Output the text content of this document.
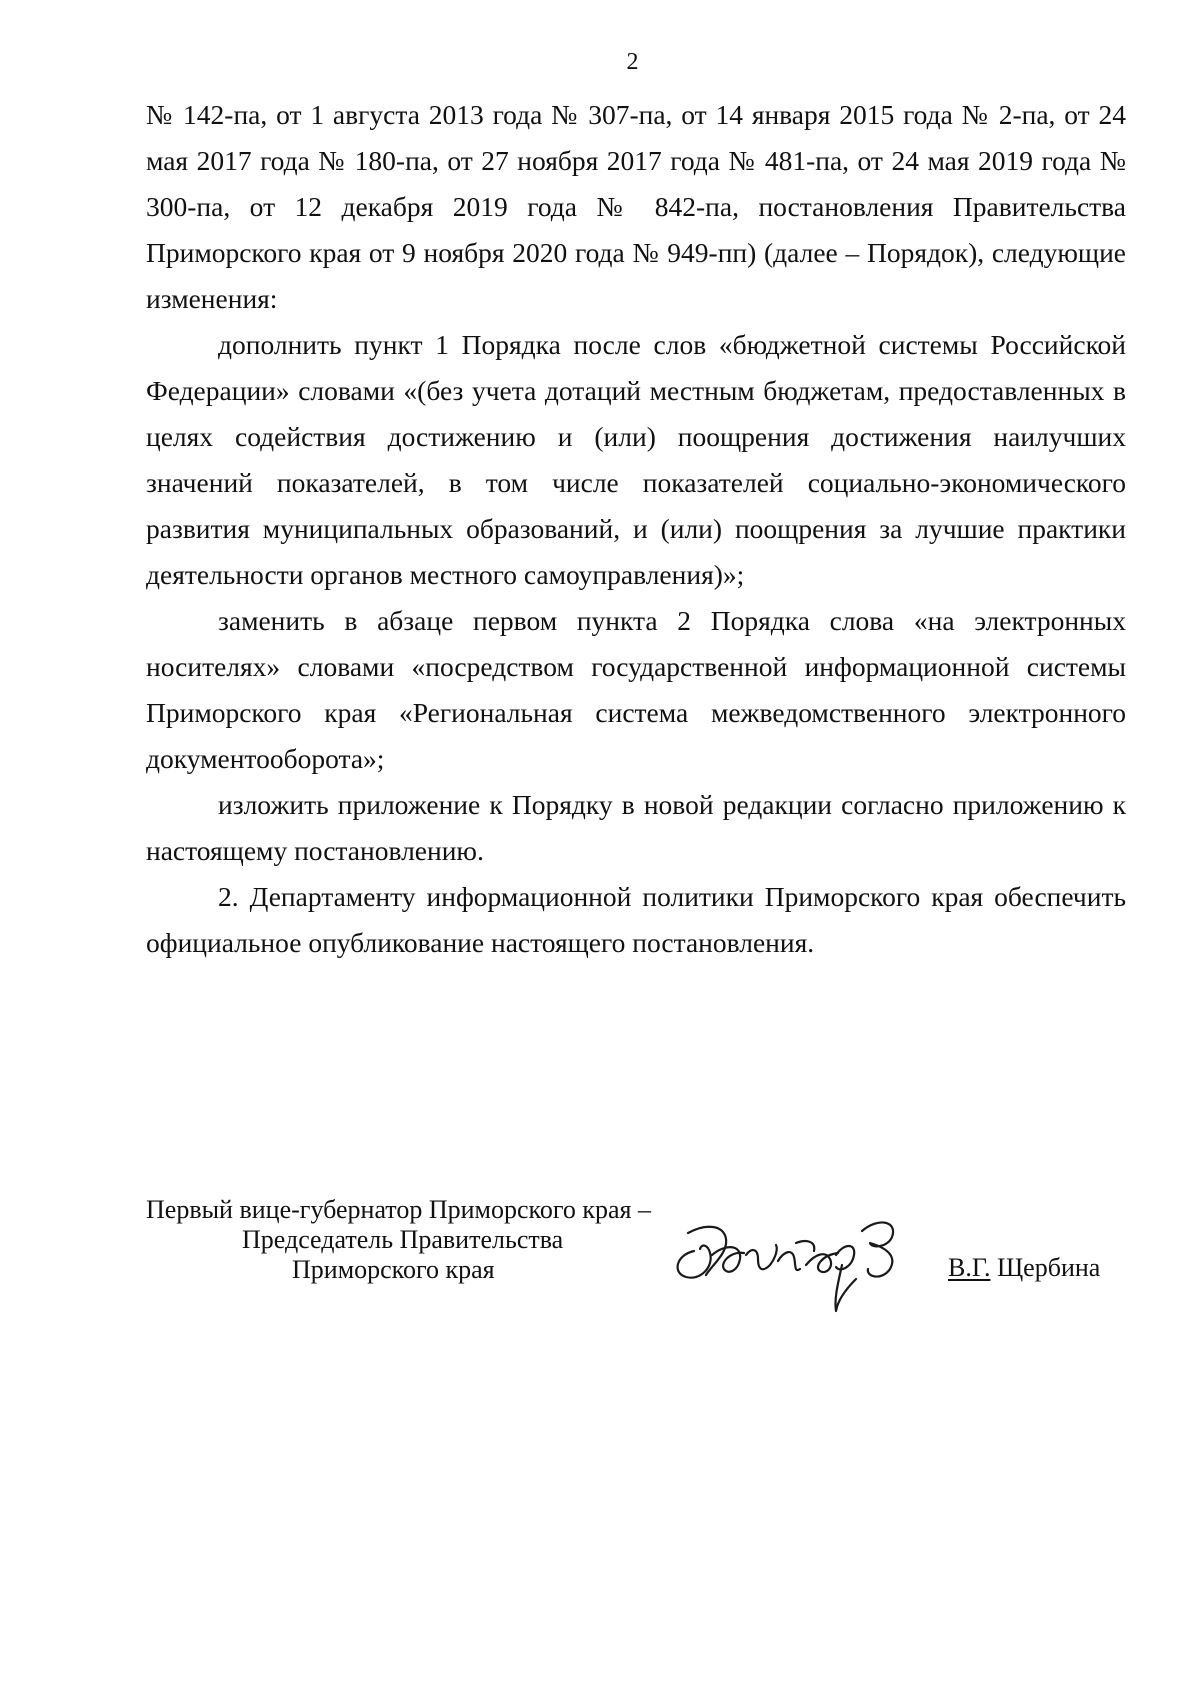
2

№ 142-па, от 1 августа 2013 года № 307-па, от 14 января 2015 года № 2-па, от 24 мая 2017 года № 180-па, от 27 ноября 2017 года № 481-па, от 24 мая 2019 года № 300-па, от 12 декабря 2019 года № 842-па, постановления Правительства Приморского края от 9 ноября 2020 года № 949-пп) (далее – Порядок), следующие изменения:

дополнить пункт 1 Порядка после слов «бюджетной системы Российской Федерации» словами «(без учета дотаций местным бюджетам, предоставленных в целях содействия достижению и (или) поощрения достижения наилучших значений показателей, в том числе показателей социально-экономического развития муниципальных образований, и (или) поощрения за лучшие практики деятельности органов местного самоуправления)»;

заменить в абзаце первом пункта 2 Порядка слова «на электронных носителях» словами «посредством государственной информационной системы Приморского края «Региональная система межведомственного электронного документооборота»;

изложить приложение к Порядку в новой редакции согласно приложению к настоящему постановлению.

2. Департаменту информационной политики Приморского края обеспечить официальное опубликование настоящего постановления.

Первый вице-губернатор Приморского края –
Председатель Правительства
Приморского края	В.Г. Щербина
